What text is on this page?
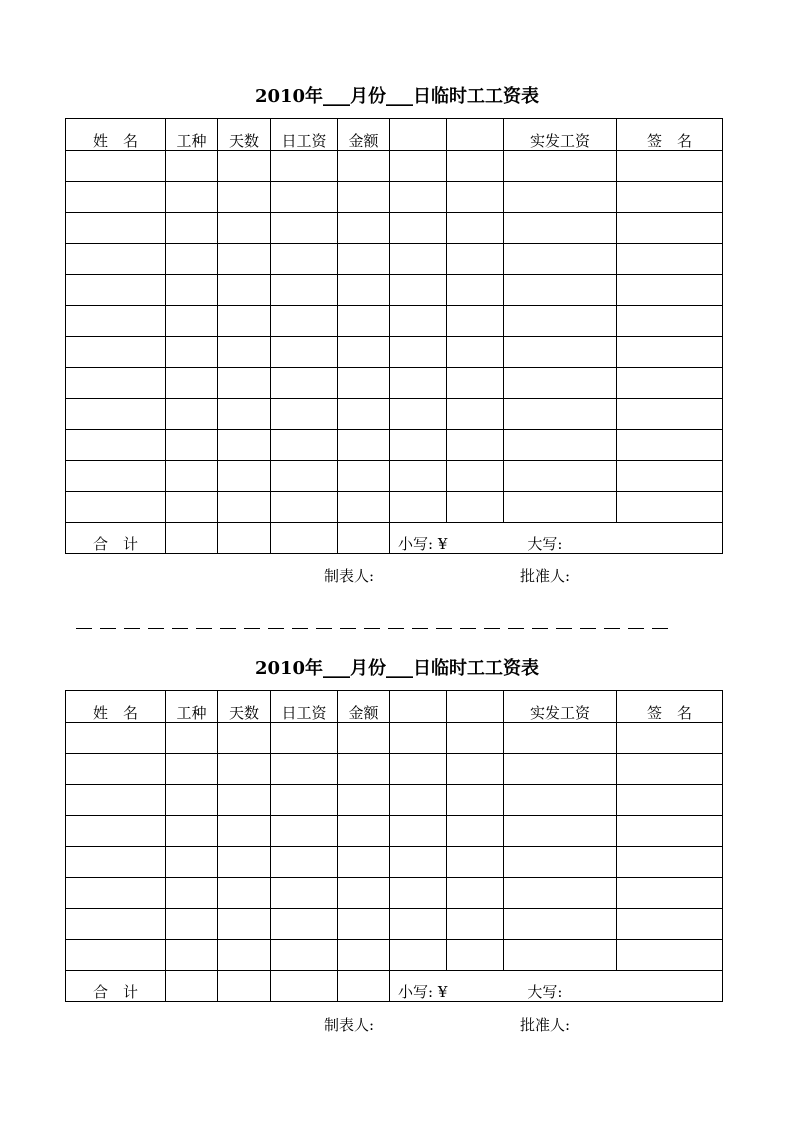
2010年___月份___日临时工工资表
姓　名	工种	天数	日工资	金额			实发工资	签　名

合　计					小写: ¥ 大写:			
制表人:	批准人:
2010年___月份___日临时工工资表
姓　名	工种	天数	日工资	金额			实发工资	签　名

合　计					小写: ¥ 大写:			
制表人:	批准人:
